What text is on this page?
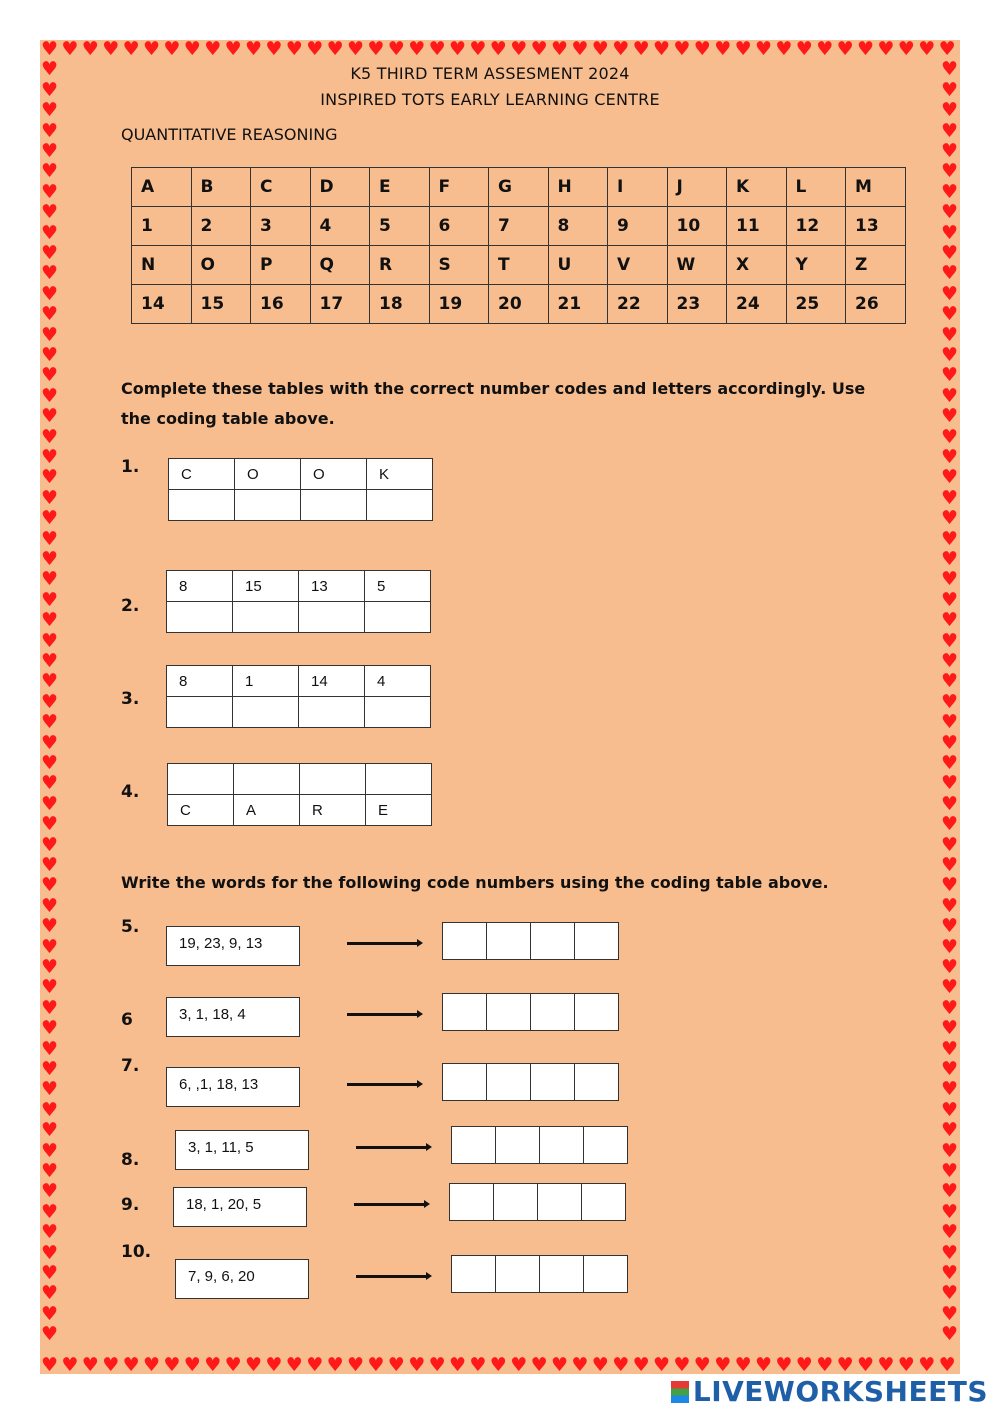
♥
♥
♥
♥
♥
♥
♥
♥
♥
♥
♥
♥
♥
♥
♥
♥
♥
♥
♥
♥
♥
♥
♥
♥
♥
♥
♥
♥
♥
♥
♥
♥
♥
♥
♥
♥
♥
♥
♥
♥
♥
♥
♥
♥
♥
♥
♥
♥
♥
♥
♥
♥
♥
♥
♥
♥
♥
♥
♥
♥
♥
♥
♥
♥
♥
♥
♥
♥
♥
♥
♥
♥
♥
♥
♥
♥
♥
♥
♥
♥
♥
♥
♥
♥
♥
♥
♥
♥
♥
♥
♥	♥
♥	♥
♥	♥
♥	♥
♥	♥
♥	♥
♥	♥
♥	♥
♥	♥
♥	♥
♥	♥
♥	♥
♥	♥
♥	♥
♥	♥
♥	♥
♥	♥
♥	♥
♥	♥
♥	♥
♥	♥
♥	♥
♥	♥
♥	♥
♥	♥
♥	♥
♥	♥
♥	♥
♥	♥
♥	♥
♥	♥
♥	♥
♥	♥
♥	♥
♥	♥
♥	♥
♥	♥
♥	♥
♥	♥
♥	♥
♥	♥
♥	♥
♥	♥
♥	♥
♥	♥
♥	♥
♥	♥
♥	♥
♥	♥
♥	♥
♥	♥
♥	♥
♥	♥
♥	♥
♥	♥
♥	♥
♥	♥
♥	♥
♥	♥
♥	♥
♥	♥
♥	♥
♥	♥
K5 THIRD TERM ASSESMENT 2024
INSPIRED TOTS EARLY LEARNING CENTRE
QUANTITATIVE REASONING
A	B	C	D	E	F	G	H	I	J	K	L	M
1	2	3	4	5	6	7	8	9	10	11	12	13
N	O	P	Q	R	S	T	U	V	W	X	Y	Z
14	15	16	17	18	19	20	21	22	23	24	25	26
Complete these tables with the correct number codes and letters accordingly. Use the coding table above.
Write the words for the following code numbers using the coding table above.
1.	C	O	O	K
2.
8	15	13	5
3.
8	1	14	4
4.
C	A	R	E
5.
19, 23, 9, 13
6	3, 1, 18, 4
7.
6, ,1, 18, 13
8.
3, 1, 11, 5
9.	18, 1, 20, 5
10.
7, 9, 6, 20
LIVEWORKSHEETS
